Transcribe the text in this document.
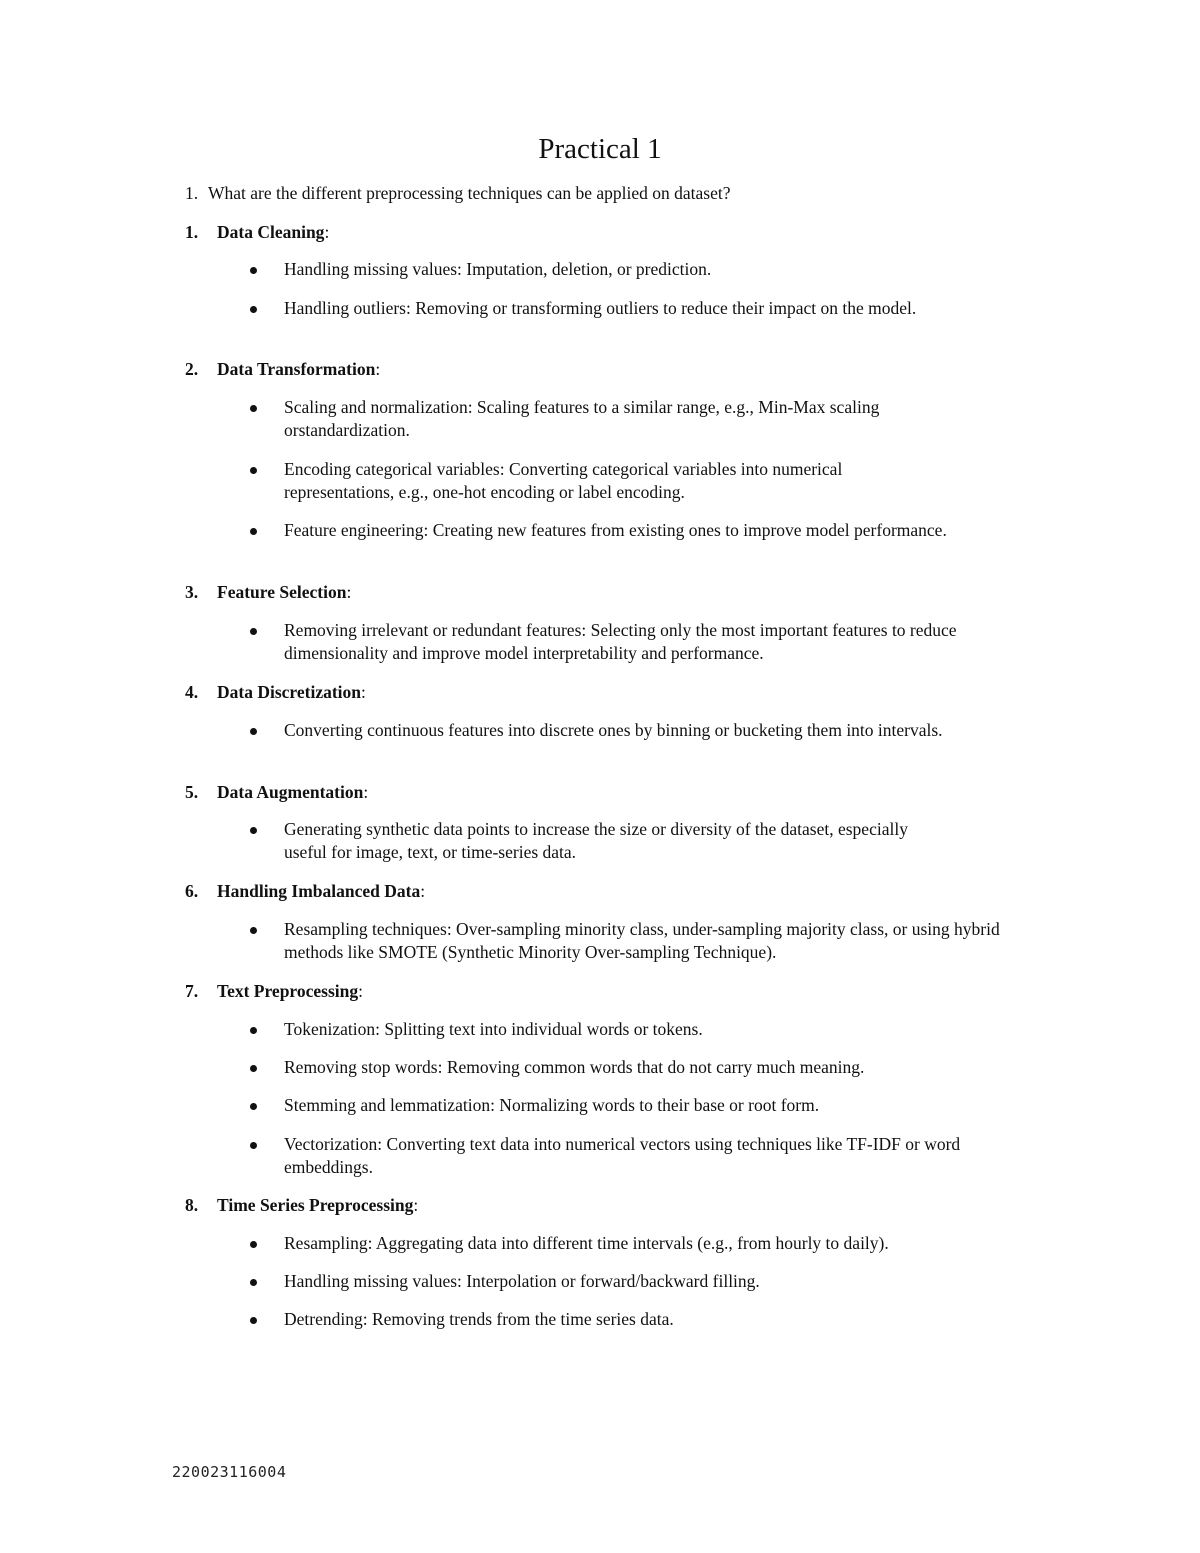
Practical 1
1. What are the different preprocessing techniques can be applied on dataset?
1. Data Cleaning:
Handling missing values: Imputation, deletion, or prediction.
Handling outliers: Removing or transforming outliers to reduce their impact on the model.
2. Data Transformation:
Scaling and normalization: Scaling features to a similar range, e.g., Min-Max scaling orstandardization.
Encoding categorical variables: Converting categorical variables into numerical representations, e.g., one-hot encoding or label encoding.
Feature engineering: Creating new features from existing ones to improve model performance.
3. Feature Selection:
Removing irrelevant or redundant features: Selecting only the most important features to reduce dimensionality and improve model interpretability and performance.
4. Data Discretization:
Converting continuous features into discrete ones by binning or bucketing them into intervals.
5. Data Augmentation:
Generating synthetic data points to increase the size or diversity of the dataset, especially useful for image, text, or time-series data.
6. Handling Imbalanced Data:
Resampling techniques: Over-sampling minority class, under-sampling majority class, or using hybrid methods like SMOTE (Synthetic Minority Over-sampling Technique).
7. Text Preprocessing:
Tokenization: Splitting text into individual words or tokens.
Removing stop words: Removing common words that do not carry much meaning.
Stemming and lemmatization: Normalizing words to their base or root form.
Vectorization: Converting text data into numerical vectors using techniques like TF-IDF or word embeddings.
8. Time Series Preprocessing:
Resampling: Aggregating data into different time intervals (e.g., from hourly to daily).
Handling missing values: Interpolation or forward/backward filling.
Detrending: Removing trends from the time series data.
220023116004
